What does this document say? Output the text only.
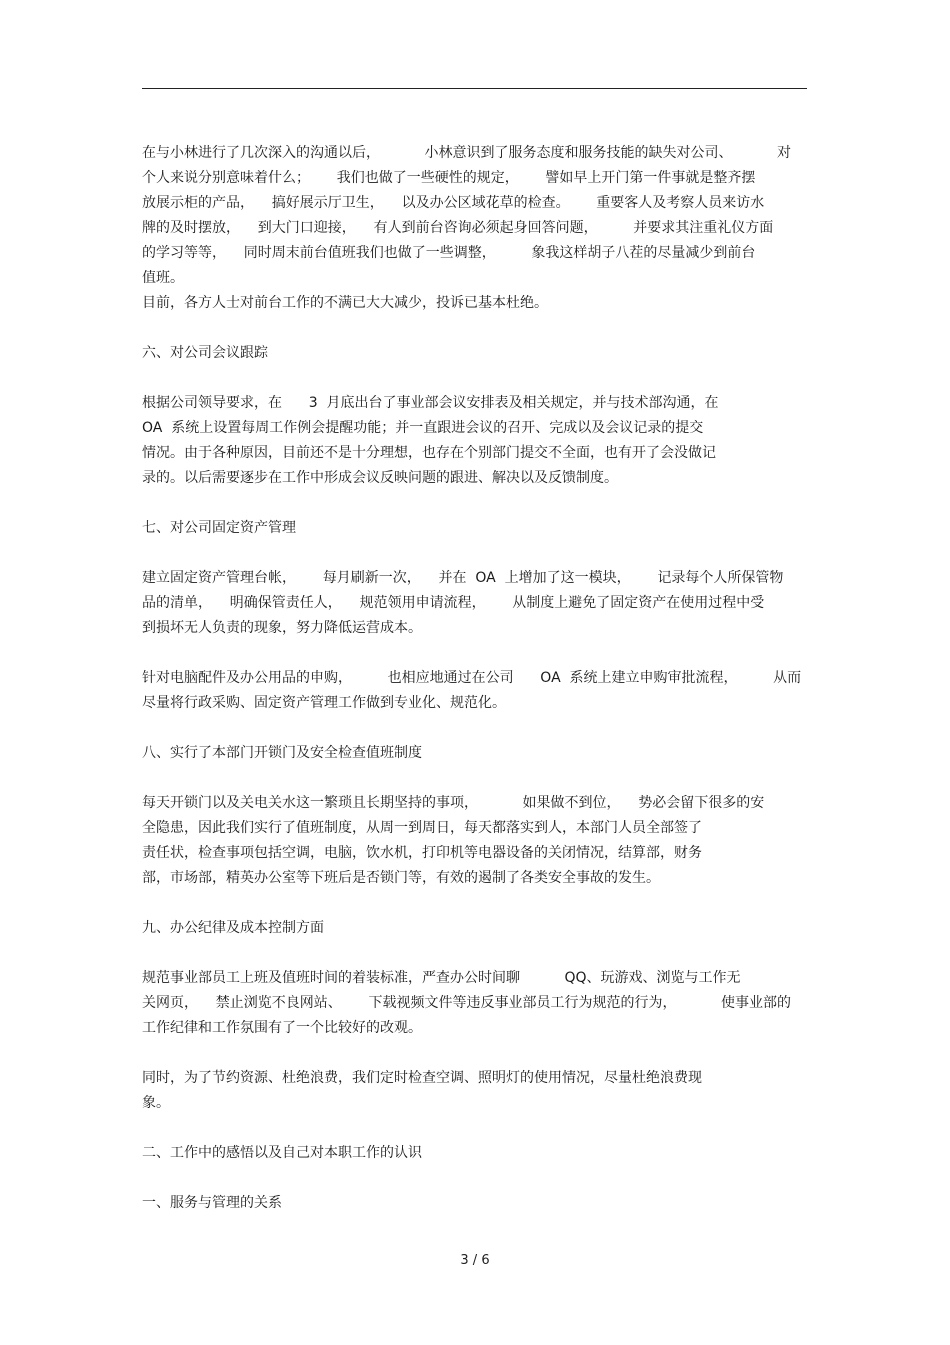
在与小林进行了几次深入的沟通以后，          小林意识到了服务态度和服务技能的缺失对公司、          对
个人来说分别意味着什么；      我们也做了一些硬性的规定，      譬如早上开门第一件事就是整齐摆
放展示柜的产品，    搞好展示厅卫生，    以及办公区域花草的检查。      重要客人及考察人员来访水
牌的及时摆放，    到大门口迎接，    有人到前台咨询必须起身回答问题，        并要求其注重礼仪方面
的学习等等，    同时周末前台值班我们也做了一些调整，        象我这样胡子八茬的尽量减少到前台
值班。
目前，各方人士对前台工作的不满已大大减少，投诉已基本杜绝。
六、对公司会议跟踪
根据公司领导要求，在      3  月底出台了事业部会议安排表及相关规定，并与技术部沟通，在
OA  系统上设置每周工作例会提醒功能；并一直跟进会议的召开、完成以及会议记录的提交
情况。由于各种原因，目前还不是十分理想，也存在个别部门提交不全面，也有开了会没做记
录的。以后需要逐步在工作中形成会议反映问题的跟进、解决以及反馈制度。
七、对公司固定资产管理
建立固定资产管理台帐，      每月刷新一次，    并在  OA  上增加了这一模块，      记录每个人所保管物
品的清单，    明确保管责任人，    规范领用申请流程，      从制度上避免了固定资产在使用过程中受
到损坏无人负责的现象，努力降低运营成本。
针对电脑配件及办公用品的申购，        也相应地通过在公司      OA  系统上建立申购审批流程，        从而
尽量将行政采购、固定资产管理工作做到专业化、规范化。
八、实行了本部门开锁门及安全检查值班制度
每天开锁门以及关电关水这一繁琐且长期坚持的事项，          如果做不到位，    势必会留下很多的安
全隐患，因此我们实行了值班制度，从周一到周日，每天都落实到人，本部门人员全部签了
责任状，检查事项包括空调，电脑，饮水机，打印机等电器设备的关闭情况，结算部，财务
部，市场部，精英办公室等下班后是否锁门等，有效的遏制了各类安全事故的发生。
九、办公纪律及成本控制方面
规范事业部员工上班及值班时间的着装标准，严查办公时间聊          QQ、玩游戏、浏览与工作无
关网页，    禁止浏览不良网站、      下载视频文件等违反事业部员工行为规范的行为，          使事业部的
工作纪律和工作氛围有了一个比较好的改观。
同时，为了节约资源、杜绝浪费，我们定时检查空调、照明灯的使用情况，尽量杜绝浪费现
象。
二、工作中的感悟以及自己对本职工作的认识
一、服务与管理的关系
3 / 6
